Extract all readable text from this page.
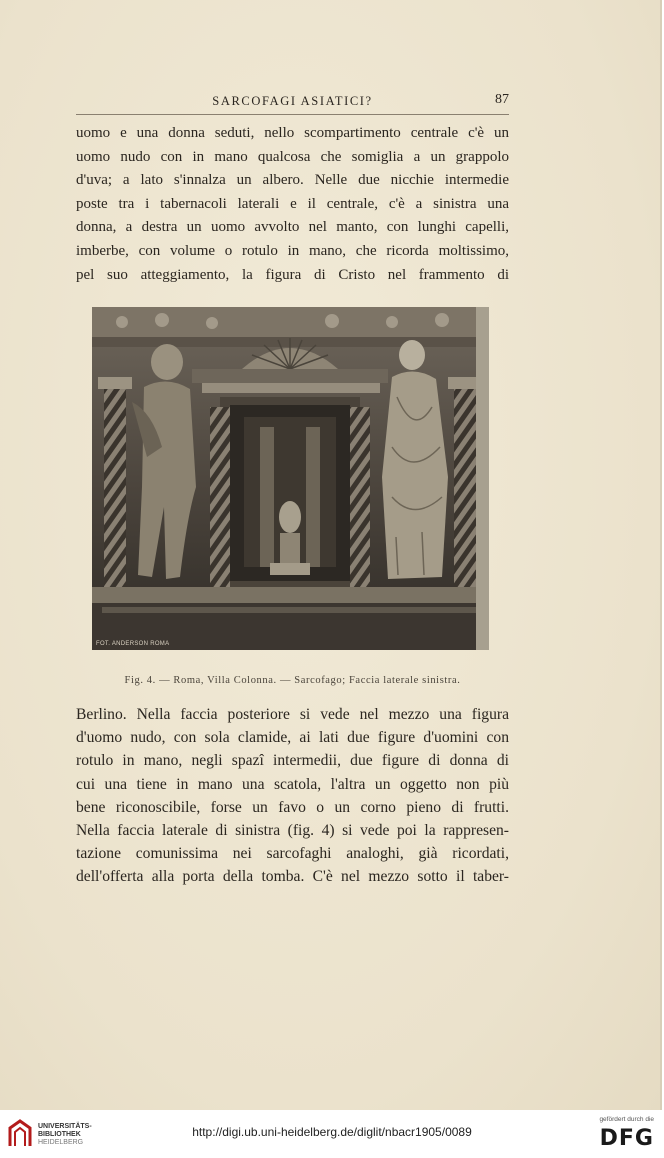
SARCOFAGI ASIATICI?	87
uomo e una donna seduti, nello scompartimento centrale c'è un
uomo nudo con in mano qualcosa che somiglia a un grappolo
d'uva; a lato s'innalza un albero. Nelle due nicchie intermedie
poste tra i tabernacoli laterali e il centrale, c'è a sinistra una
donna, a destra un uomo avvolto nel manto, con lunghi capelli,
imberbe, con volume o rotulo in mano, che ricorda moltissimo,
pel suo atteggiamento, la figura di Cristo nel frammento di
FOT. ANDERSON ROMA
Fig. 4. — Roma, Villa Colonna. — Sarcofago; Faccia laterale sinistra.
Berlino. Nella faccia posteriore si vede nel mezzo una figura
d'uomo nudo, con sola clamide, ai lati due figure d'uomini con
rotulo in mano, negli spazî intermedii, due figure di donna di
cui una tiene in mano una scatola, l'altra un oggetto non più
bene riconoscibile, forse un favo o un corno pieno di frutti.
Nella faccia laterale di sinistra (fig. 4) si vede poi la rappresen-
tazione comunissima nei sarcofaghi analoghi, già ricordati,
dell'offerta alla porta della tomba. C'è nel mezzo sotto il taber-
UNIVERSITÄTS-
BIBLIOTHEK
HEIDELBERG
http://digi.ub.uni-heidelberg.de/diglit/nbacr1905/0089
gefördert durch die
DFG
